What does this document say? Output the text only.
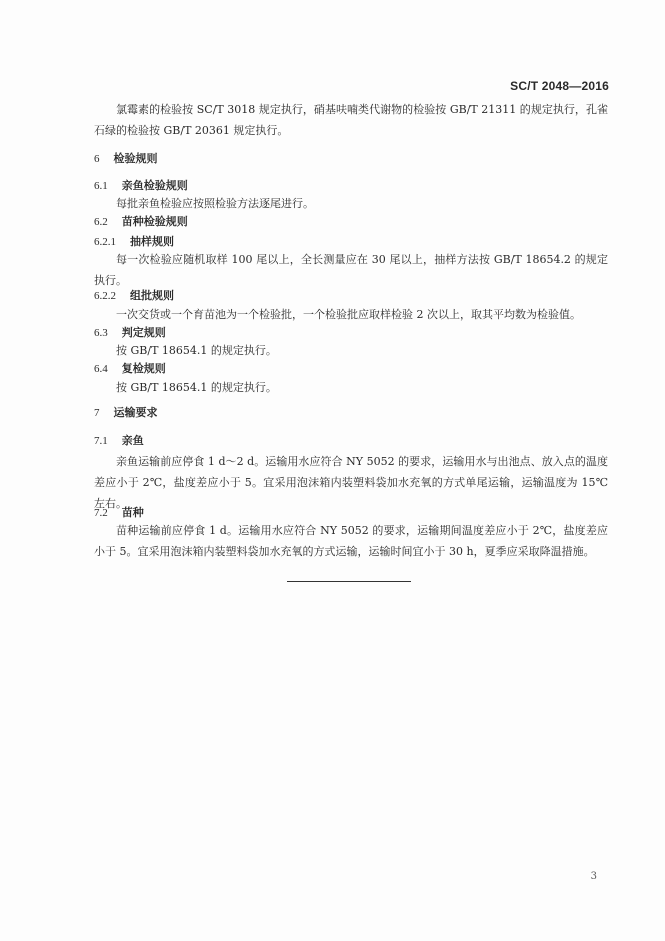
SC/T 2048—2016
氯霉素的检验按 SC/T 3018 规定执行，硝基呋喃类代谢物的检验按 GB/T 21311 的规定执行，孔雀石绿的检验按 GB/T 20361 规定执行。
6 检验规则
6.1 亲鱼检验规则
每批亲鱼检验应按照检验方法逐尾进行。
6.2 苗种检验规则
6.2.1 抽样规则
每一次检验应随机取样 100 尾以上，全长测量应在 30 尾以上，抽样方法按 GB/T 18654.2 的规定执行。
6.2.2 组批规则
一次交货或一个育苗池为一个检验批，一个检验批应取样检验 2 次以上，取其平均数为检验值。
6.3 判定规则
按 GB/T 18654.1 的规定执行。
6.4 复检规则
按 GB/T 18654.1 的规定执行。
7 运输要求
7.1 亲鱼
亲鱼运输前应停食 1 d～2 d。运输用水应符合 NY 5052 的要求，运输用水与出池点、放入点的温度差应小于 2℃，盐度差应小于 5。宜采用泡沫箱内装塑料袋加水充氧的方式单尾运输，运输温度为 15℃左右。
7.2 苗种
苗种运输前应停食 1 d。运输用水应符合 NY 5052 的要求，运输期间温度差应小于 2℃，盐度差应小于 5。宜采用泡沫箱内装塑料袋加水充氧的方式运输，运输时间宜小于 30 h，夏季应采取降温措施。
3
